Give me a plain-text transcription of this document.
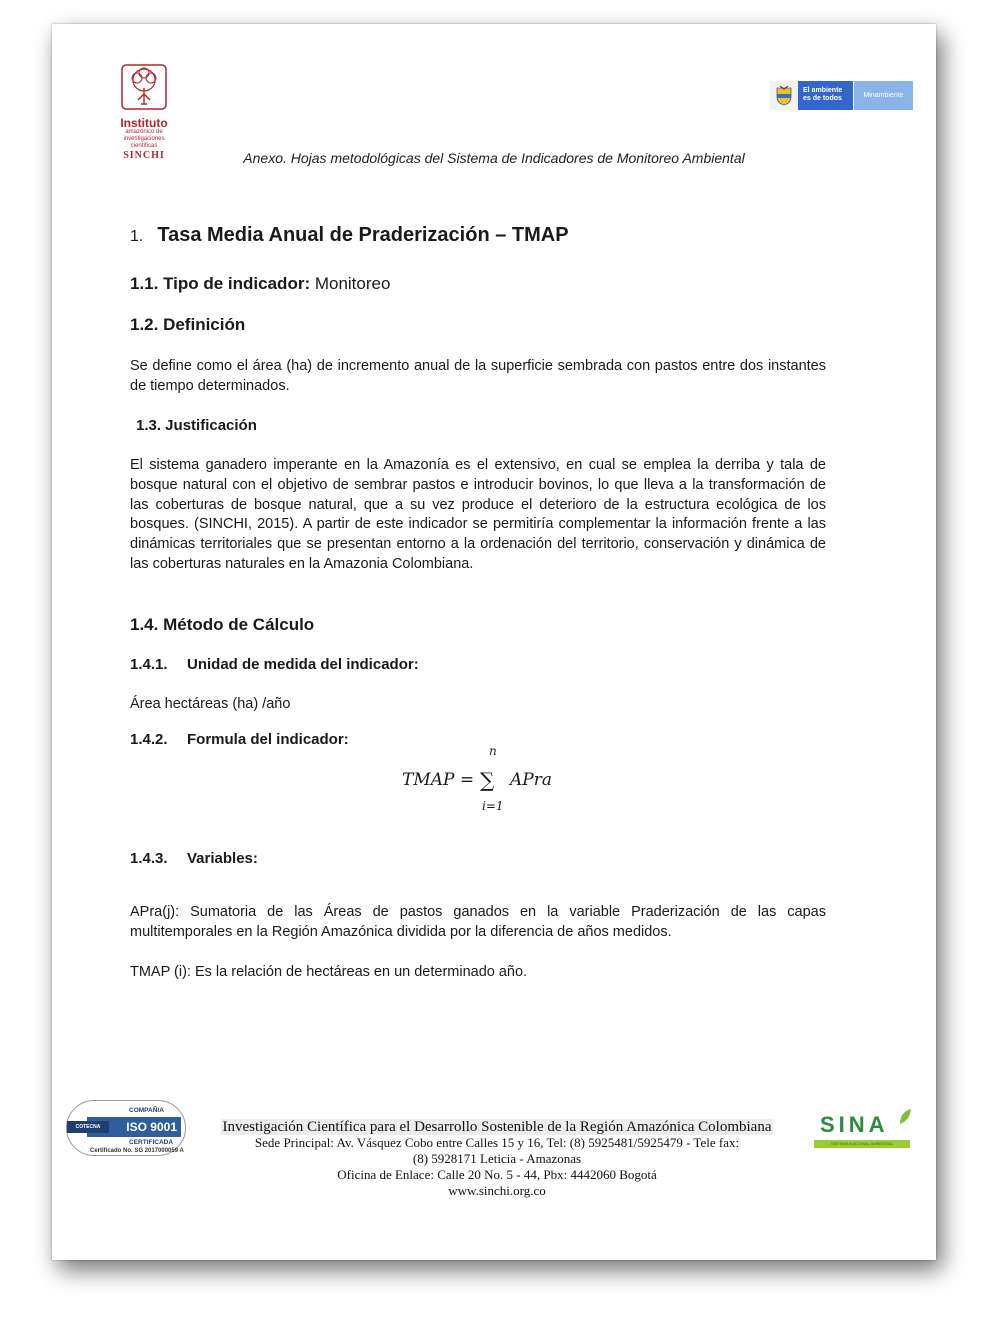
Instituto
amazónico de investigaciones científicas
SINCHI
El ambiente
es de todos	Minambiente
Anexo. Hojas metodológicas del Sistema de Indicadores de Monitoreo Ambiental
1. Tasa Media Anual de Praderización – TMAP
1.1. Tipo de indicador: Monitoreo
1.2. Definición
Se define como el área (ha) de incremento anual de la superficie sembrada con pastos entre dos instantes de tiempo determinados.
1.3. Justificación
El sistema ganadero imperante en la Amazonía es el extensivo, en cual se emplea la derriba y tala de bosque natural con el objetivo de sembrar pastos e introducir bovinos, lo que lleva a la transformación de las coberturas de bosque natural, que a su vez produce el deterioro de la estructura ecológica de los bosques. (SINCHI, 2015). A partir de este indicador se permitiría complementar la información frente a las dinámicas territoriales que se presentan entorno a la ordenación del territorio, conservación y dinámica de las coberturas naturales en la Amazonia Colombiana.
1.4. Método de Cálculo
1.4.1. Unidad de medida del indicador:
Área hectáreas (ha) /año
1.4.2. Formula del indicador:
TMAP =
n
∑
i=1
APra
1.4.3. Variables:
APra(j): Sumatoria de las Áreas de pastos ganados en la variable Praderización de las capas multitemporales en la Región Amazónica dividida por la diferencia de años medidos.
TMAP (i): Es la relación de hectáreas en un determinado año.
COMPAÑIA
ISO 9001
COTECNA
CERTIFICADA
Certificado No. SG 2017000059 A
Investigación Científica para el Desarrollo Sostenible de la Región Amazónica Colombiana
Sede Principal: Av. Vásquez Cobo entre Calles 15 y 16, Tel: (8) 5925481/5925479 - Tele fax:
(8) 5928171 Leticia - Amazonas
Oficina de Enlace: Calle 20 No. 5 - 44, Pbx: 4442060 Bogotá
www.sinchi.org.co
SINA
SISTEMA NACIONAL AMBIENTAL
